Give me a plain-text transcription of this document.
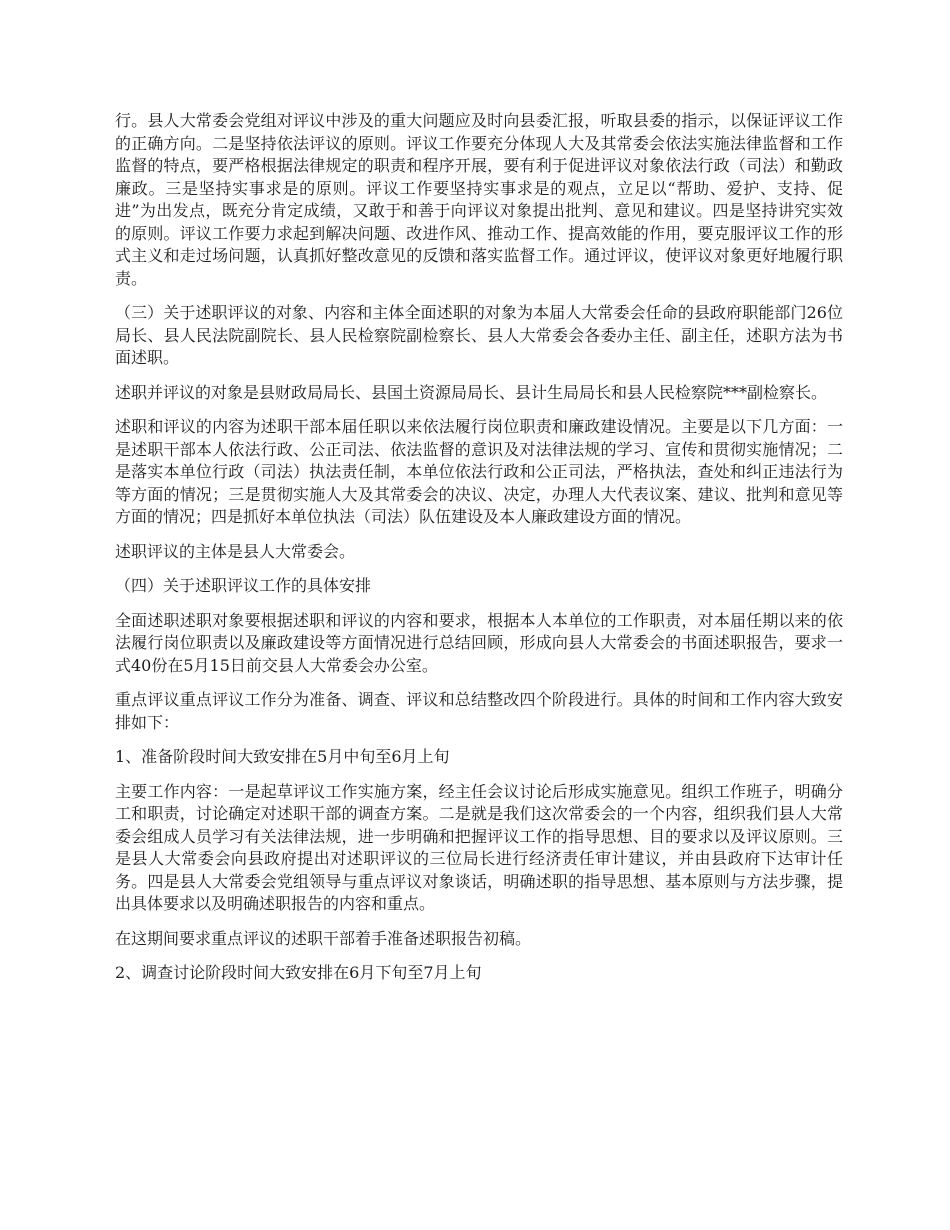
行。县人大常委会党组对评议中涉及的重大问题应及时向县委汇报，听取县委的指示，以保证评议工作的正确方向。二是坚持依法评议的原则。评议工作要充分体现人大及其常委会依法实施法律监督和工作监督的特点，要严格根据法律规定的职责和程序开展，要有利于促进评议对象依法行政（司法）和勤政廉政。三是坚持实事求是的原则。评议工作要坚持实事求是的观点，立足以“帮助、爱护、支持、促进”为出发点，既充分肯定成绩，又敢于和善于向评议对象提出批判、意见和建议。四是坚持讲究实效的原则。评议工作要力求起到解决问题、改进作风、推动工作、提高效能的作用，要克服评议工作的形式主义和走过场问题，认真抓好整改意见的反馈和落实监督工作。通过评议，使评议对象更好地履行职责。

（三）关于述职评议的对象、内容和主体全面述职的对象为本届人大常委会任命的县政府职能部门26位局长、县人民法院副院长、县人民检察院副检察长、县人大常委会各委办主任、副主任，述职方法为书面述职。

述职并评议的对象是县财政局局长、县国土资源局局长、县计生局局长和县人民检察院***副检察长。

述职和评议的内容为述职干部本届任职以来依法履行岗位职责和廉政建设情况。主要是以下几方面：一是述职干部本人依法行政、公正司法、依法监督的意识及对法律法规的学习、宣传和贯彻实施情况；二是落实本单位行政（司法）执法责任制，本单位依法行政和公正司法，严格执法，查处和纠正违法行为等方面的情况；三是贯彻实施人大及其常委会的决议、决定，办理人大代表议案、建议、批判和意见等方面的情况；四是抓好本单位执法（司法）队伍建设及本人廉政建设方面的情况。

述职评议的主体是县人大常委会。

（四）关于述职评议工作的具体安排

全面述职述职对象要根据述职和评议的内容和要求，根据本人本单位的工作职责，对本届任期以来的依法履行岗位职责以及廉政建设等方面情况进行总结回顾，形成向县人大常委会的书面述职报告，要求一式40份在5月15日前交县人大常委会办公室。

重点评议重点评议工作分为准备、调查、评议和总结整改四个阶段进行。具体的时间和工作内容大致安排如下：

1、准备阶段时间大致安排在5月中旬至6月上旬

主要工作内容：一是起草评议工作实施方案，经主任会议讨论后形成实施意见。组织工作班子，明确分工和职责，讨论确定对述职干部的调查方案。二是就是我们这次常委会的一个内容，组织我们县人大常委会组成人员学习有关法律法规，进一步明确和把握评议工作的指导思想、目的要求以及评议原则。三是县人大常委会向县政府提出对述职评议的三位局长进行经济责任审计建议，并由县政府下达审计任务。四是县人大常委会党组领导与重点评议对象谈话，明确述职的指导思想、基本原则与方法步骤，提出具体要求以及明确述职报告的内容和重点。

在这期间要求重点评议的述职干部着手准备述职报告初稿。

2、调查讨论阶段时间大致安排在6月下旬至7月上旬
